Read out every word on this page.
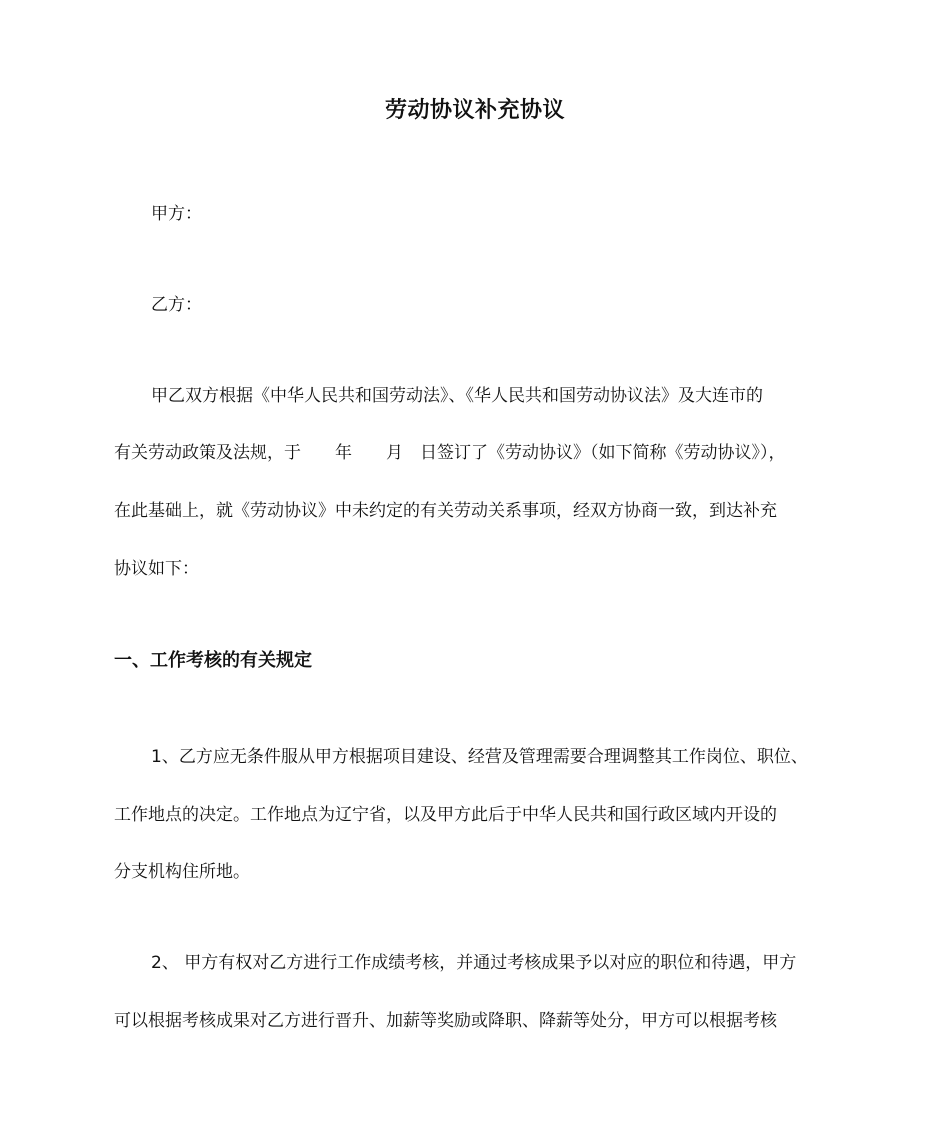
劳动协议补充协议
甲方：
乙方：
甲乙双方根据《中华人民共和国劳动法》、《华人民共和国劳动协议法》及大连市的
有关劳动政策及法规，于　　年　　月　日签订了《劳动协议》（如下简称《劳动协议》），
在此基础上，就《劳动协议》中未约定的有关劳动关系事项，经双方协商一致，到达补充
协议如下：
一、工作考核的有关规定
1、乙方应无条件服从甲方根据项目建设、经营及管理需要合理调整其工作岗位、职位、
工作地点的决定。工作地点为辽宁省，以及甲方此后于中华人民共和国行政区域内开设的
分支机构住所地。
2、 甲方有权对乙方进行工作成绩考核，并通过考核成果予以对应的职位和待遇，甲方
可以根据考核成果对乙方进行晋升、加薪等奖励或降职、降薪等处分，甲方可以根据考核
